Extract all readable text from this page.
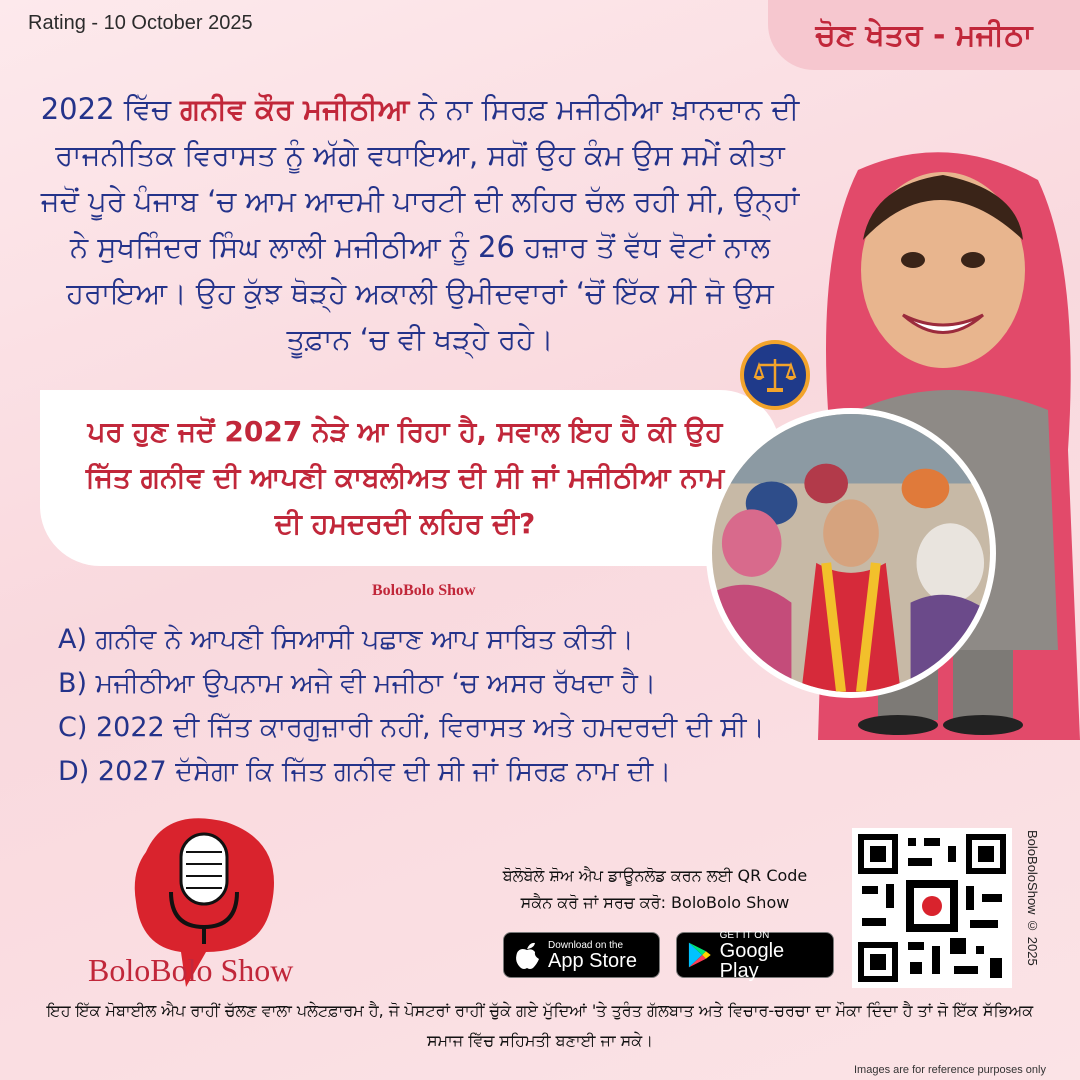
Rating - 10 October 2025	ਚੋਣ ਖੇਤਰ - ਮਜੀਠਾ

2022 ਵਿੱਚ ਗਨੀਵ ਕੌਰ ਮਜੀਠੀਆ ਨੇ ਨਾ ਸਿਰਫ਼ ਮਜੀਠੀਆ ਖ਼ਾਨਦਾਨ ਦੀ ਰਾਜਨੀਤਿਕ ਵਿਰਾਸਤ ਨੂੰ ਅੱਗੇ ਵਧਾਇਆ, ਸਗੋਂ ਉਹ ਕੰਮ ਉਸ ਸਮੇਂ ਕੀਤਾ ਜਦੋਂ ਪੂਰੇ ਪੰਜਾਬ ‘ਚ ਆਮ ਆਦਮੀ ਪਾਰਟੀ ਦੀ ਲਹਿਰ ਚੱਲ ਰਹੀ ਸੀ, ਉਨ੍ਹਾਂ ਨੇ ਸੁਖਜਿੰਦਰ ਸਿੰਘ ਲਾਲੀ ਮਜੀਠੀਆ ਨੂੰ 26 ਹਜ਼ਾਰ ਤੋਂ ਵੱਧ ਵੋਟਾਂ ਨਾਲ ਹਰਾਇਆ। ਉਹ ਕੁੱਝ ਥੋੜ੍ਹੇ ਅਕਾਲੀ ਉਮੀਦਵਾਰਾਂ ‘ਚੋਂ ਇੱਕ ਸੀ ਜੋ ਉਸ ਤੂਫ਼ਾਨ ‘ਚ ਵੀ ਖੜ੍ਹੇ ਰਹੇ।

ਪਰ ਹੁਣ ਜਦੋਂ 2027 ਨੇੜੇ ਆ ਰਿਹਾ ਹੈ, ਸਵਾਲ ਇਹ ਹੈ ਕੀ ਉਹ ਜਿੱਤ ਗਨੀਵ ਦੀ ਆਪਣੀ ਕਾਬਲੀਅਤ ਦੀ ਸੀ ਜਾਂ ਮਜੀਠੀਆ ਨਾਮ ਦੀ ਹਮਦਰਦੀ ਲਹਿਰ ਦੀ?

BoloBolo Show
A) ਗਨੀਵ ਨੇ ਆਪਣੀ ਸਿਆਸੀ ਪਛਾਣ ਆਪ ਸਾਬਿਤ ਕੀਤੀ।
B) ਮਜੀਠੀਆ ਉਪਨਾਮ ਅਜੇ ਵੀ ਮਜੀਠਾ ‘ਚ ਅਸਰ ਰੱਖਦਾ ਹੈ।
C) 2022 ਦੀ ਜਿੱਤ ਕਾਰਗੁਜ਼ਾਰੀ ਨਹੀਂ, ਵਿਰਾਸਤ ਅਤੇ ਹਮਦਰਦੀ ਦੀ ਸੀ।
D) 2027 ਦੱਸੇਗਾ ਕਿ ਜਿੱਤ ਗਨੀਵ ਦੀ ਸੀ ਜਾਂ ਸਿਰਫ਼ ਨਾਮ ਦੀ।
BoloBolo Show
ਬੋਲੋਬੋਲੋ ਸ਼ੋਅ ਐਪ ਡਾਊਨਲੋਡ ਕਰਨ ਲਈ QR Code
ਸਕੈਨ ਕਰੋ ਜਾਂ ਸਰਚ ਕਰੋ: BoloBolo Show
Download on the
App Store
GET IT ON
Google Play
BoloBoloShow © 2025

ਇਹ ਇੱਕ ਮੋਬਾਈਲ ਐਪ ਰਾਹੀਂ ਚੱਲਣ ਵਾਲਾ ਪਲੇਟਫ਼ਾਰਮ ਹੈ, ਜੋ ਪੋਸਟਰਾਂ ਰਾਹੀਂ ਚੁੱਕੇ ਗਏ ਮੁੱਦਿਆਂ 'ਤੇ ਤੁਰੰਤ ਗੱਲਬਾਤ ਅਤੇ ਵਿਚਾਰ-ਚਰਚਾ ਦਾ ਮੌਕਾ ਦਿੰਦਾ ਹੈ ਤਾਂ ਜੋ ਇੱਕ ਸੱਭਿਅਕ ਸਮਾਜ ਵਿੱਚ ਸਹਿਮਤੀ ਬਣਾਈ ਜਾ ਸਕੇ।

Images are for reference purposes only
